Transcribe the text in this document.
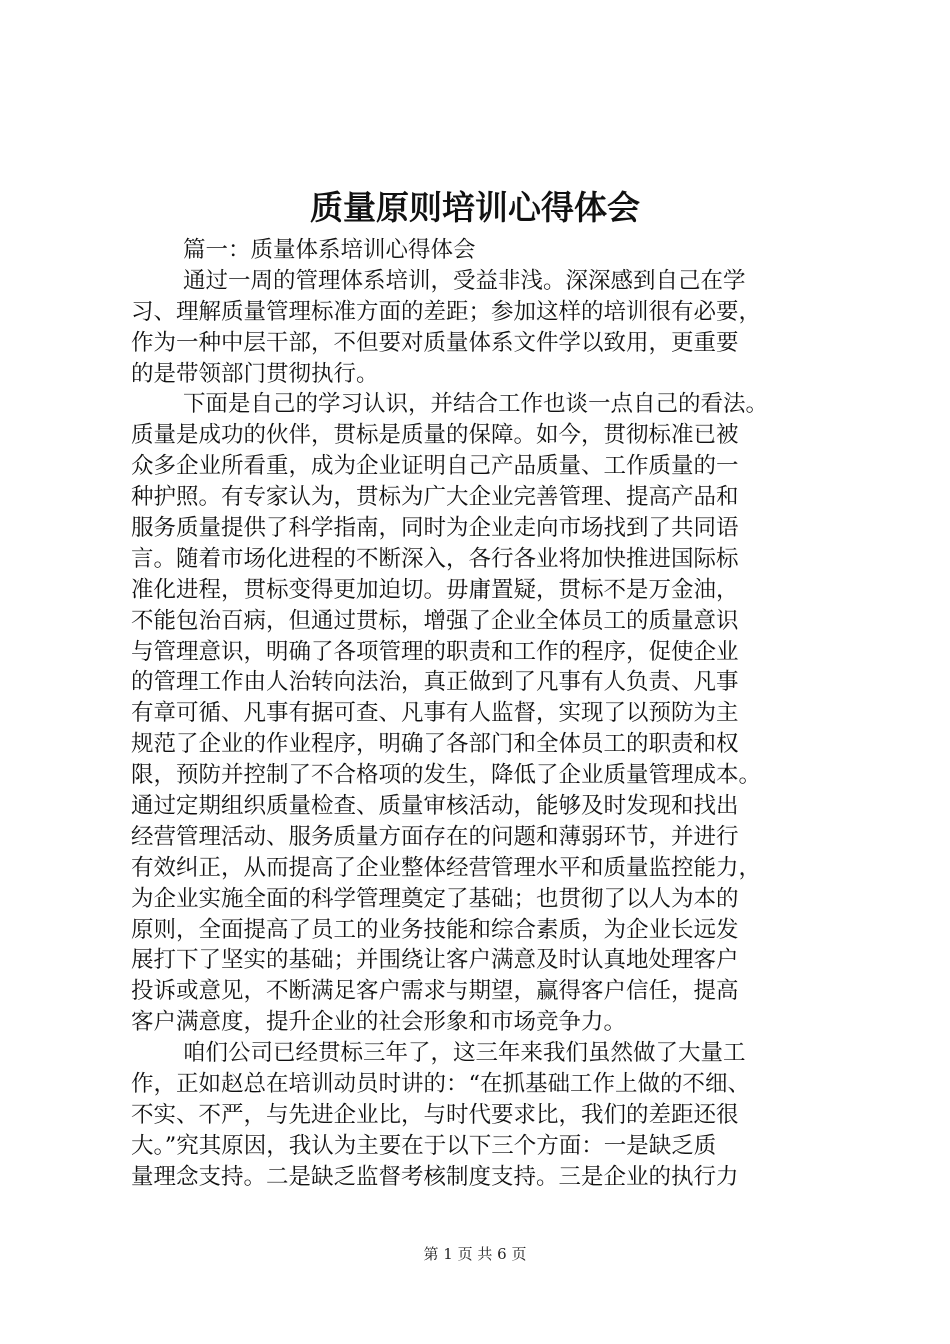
质量原则培训心得体会
篇一：质量体系培训心得体会
通过一周的管理体系培训，受益非浅。深深感到自己在学
习、理解质量管理标准方面的差距；参加这样的培训很有必要，
作为一种中层干部，不但要对质量体系文件学以致用，更重要
的是带领部门贯彻执行。
下面是自己的学习认识，并结合工作也谈一点自己的看法。
质量是成功的伙伴，贯标是质量的保障。如今，贯彻标准已被
众多企业所看重，成为企业证明自己产品质量、工作质量的一
种护照。有专家认为，贯标为广大企业完善管理、提高产品和
服务质量提供了科学指南，同时为企业走向市场找到了共同语
言。随着市场化进程的不断深入，各行各业将加快推进国际标
准化进程，贯标变得更加迫切。毋庸置疑，贯标不是万金油，
不能包治百病，但通过贯标，增强了企业全体员工的质量意识
与管理意识，明确了各项管理的职责和工作的程序，促使企业
的管理工作由人治转向法治，真正做到了凡事有人负责、凡事
有章可循、凡事有据可查、凡事有人监督，实现了以预防为主
规范了企业的作业程序，明确了各部门和全体员工的职责和权
限，预防并控制了不合格项的发生，降低了企业质量管理成本。
通过定期组织质量检查、质量审核活动，能够及时发现和找出
经营管理活动、服务质量方面存在的问题和薄弱环节，并进行
有效纠正，从而提高了企业整体经营管理水平和质量监控能力，
为企业实施全面的科学管理奠定了基础；也贯彻了以人为本的
原则，全面提高了员工的业务技能和综合素质，为企业长远发
展打下了坚实的基础；并围绕让客户满意及时认真地处理客户
投诉或意见，不断满足客户需求与期望，赢得客户信任，提高
客户满意度，提升企业的社会形象和市场竞争力。
咱们公司已经贯标三年了，这三年来我们虽然做了大量工
作，正如赵总在培训动员时讲的：“在抓基础工作上做的不细、
不实、不严，与先进企业比，与时代要求比，我们的差距还很
大。”究其原因，我认为主要在于以下三个方面：一是缺乏质
量理念支持。二是缺乏监督考核制度支持。三是企业的执行力
第 1 页 共 6 页
